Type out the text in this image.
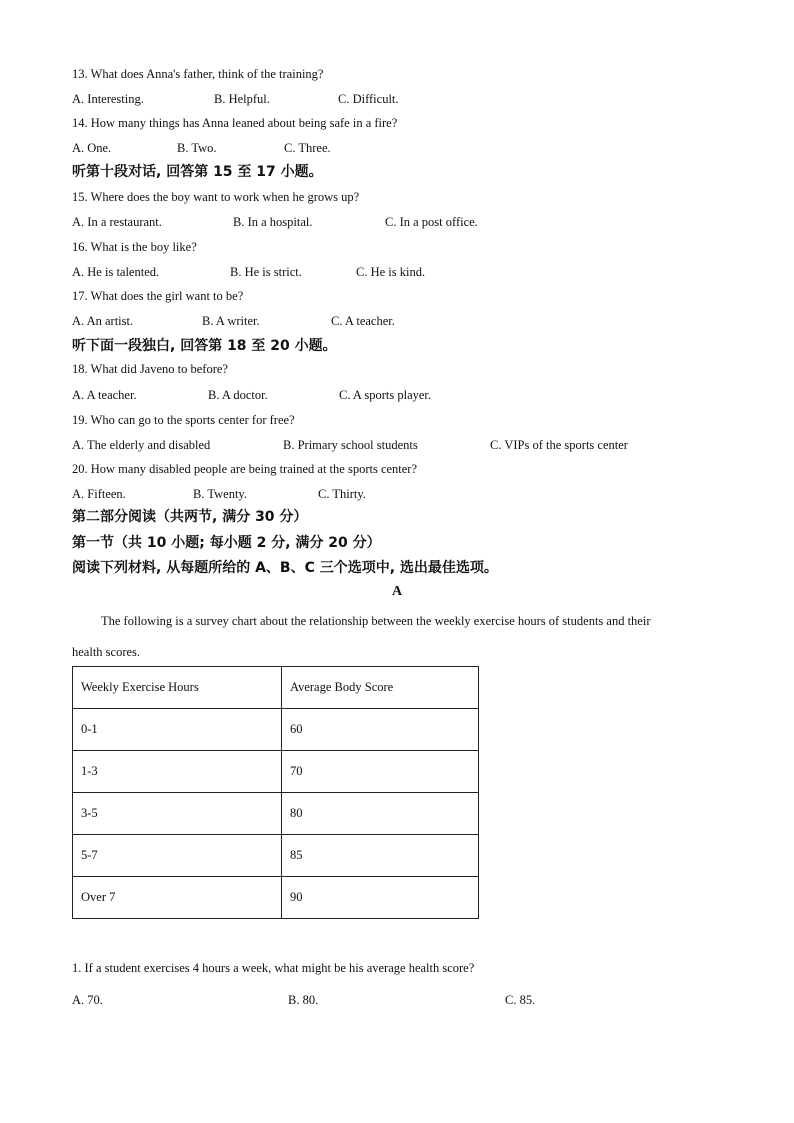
13. What does Anna's father, think of the training?
A. Interesting.	B. Helpful.	C. Difficult.
14. How many things has Anna leaned about being safe in a fire?
A. One.	B. Two.	C. Three.
听第十段对话, 回答第 15 至 17 小题。
15. Where does the boy want to work when he grows up?
A. In a restaurant.	B. In a hospital.	C. In a post office.
16. What is the boy like?
A. He is talented.	B. He is strict.	C. He is kind.
17. What does the girl want to be?
A. An artist.	B. A writer.	C. A teacher.
听下面一段独白, 回答第 18 至 20 小题。
18. What did Javeno to before?
A. A teacher.	B. A doctor.	C. A sports player.
19. Who can go to the sports center for free?
A. The elderly and disabled	B. Primary school students	C. VIPs of the sports center
20. How many disabled people are being trained at the sports center?
A. Fifteen.	B. Twenty.	C. Thirty.
第二部分阅读（共两节, 满分 30 分）
第一节（共 10 小题; 每小题 2 分, 满分 20 分）
阅读下列材料, 从每题所给的 A、B、C 三个选项中, 选出最佳选项。
A
The following is a survey chart about the relationship between the weekly exercise hours of students and their
health scores.
Weekly Exercise Hours	Average Body Score
0-1	60
1-3	70
3-5	80
5-7	85
Over 7	90
1. If a student exercises 4 hours a week, what might be his average health score?
A. 70.	B. 80.	C. 85.
